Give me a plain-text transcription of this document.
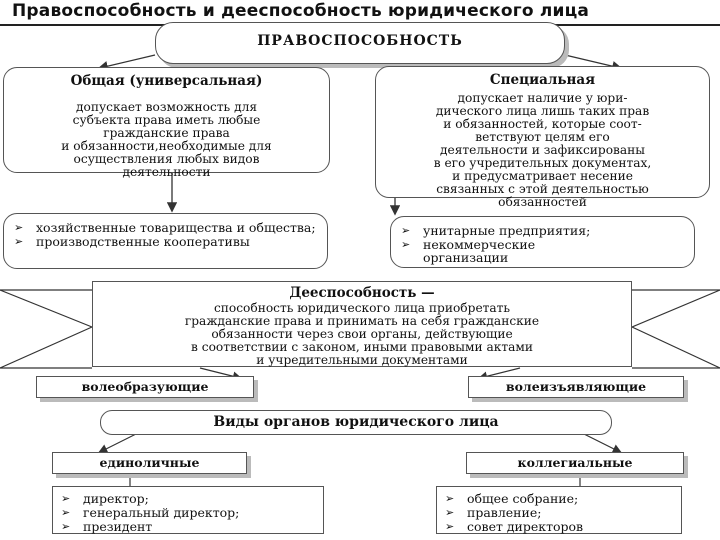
Правоспособность и дееспособность юридического лица
ПРАВОСПОСОБНОСТЬ
Общая (универсальная)
допускает возможность для
субъекта права иметь любые
гражданские права
и обязанности,необходимые для
осуществления любых видов
деятельности
Специальная
допускает наличие у юри-
дического лица лишь таких прав
и обязанностей, которые соот-
ветствуют целям его
деятельности и зафиксированы
в его учредительных документах,
и предусматривает несение
связанных с этой деятельностью
обязанностей
➢ хозяйственные товарищества и общества;
➢ производственные кооперативы
➢ унитарные предприятия;
➢ некоммерческие организации
Дееспособность —
способность юридического лица приобретать
гражданские права и принимать на себя гражданские
обязанности через свои органы, действующие
в соответствии с законом, иными правовыми актами
и учредительными документами
волеобразующие	волеизъявляющие
Виды органов юридического лица
единоличные	коллегиальные
➢ директор;
➢ генеральный директор;
➢ президент
➢ общее собрание;
➢ правление;
➢ совет директоров
